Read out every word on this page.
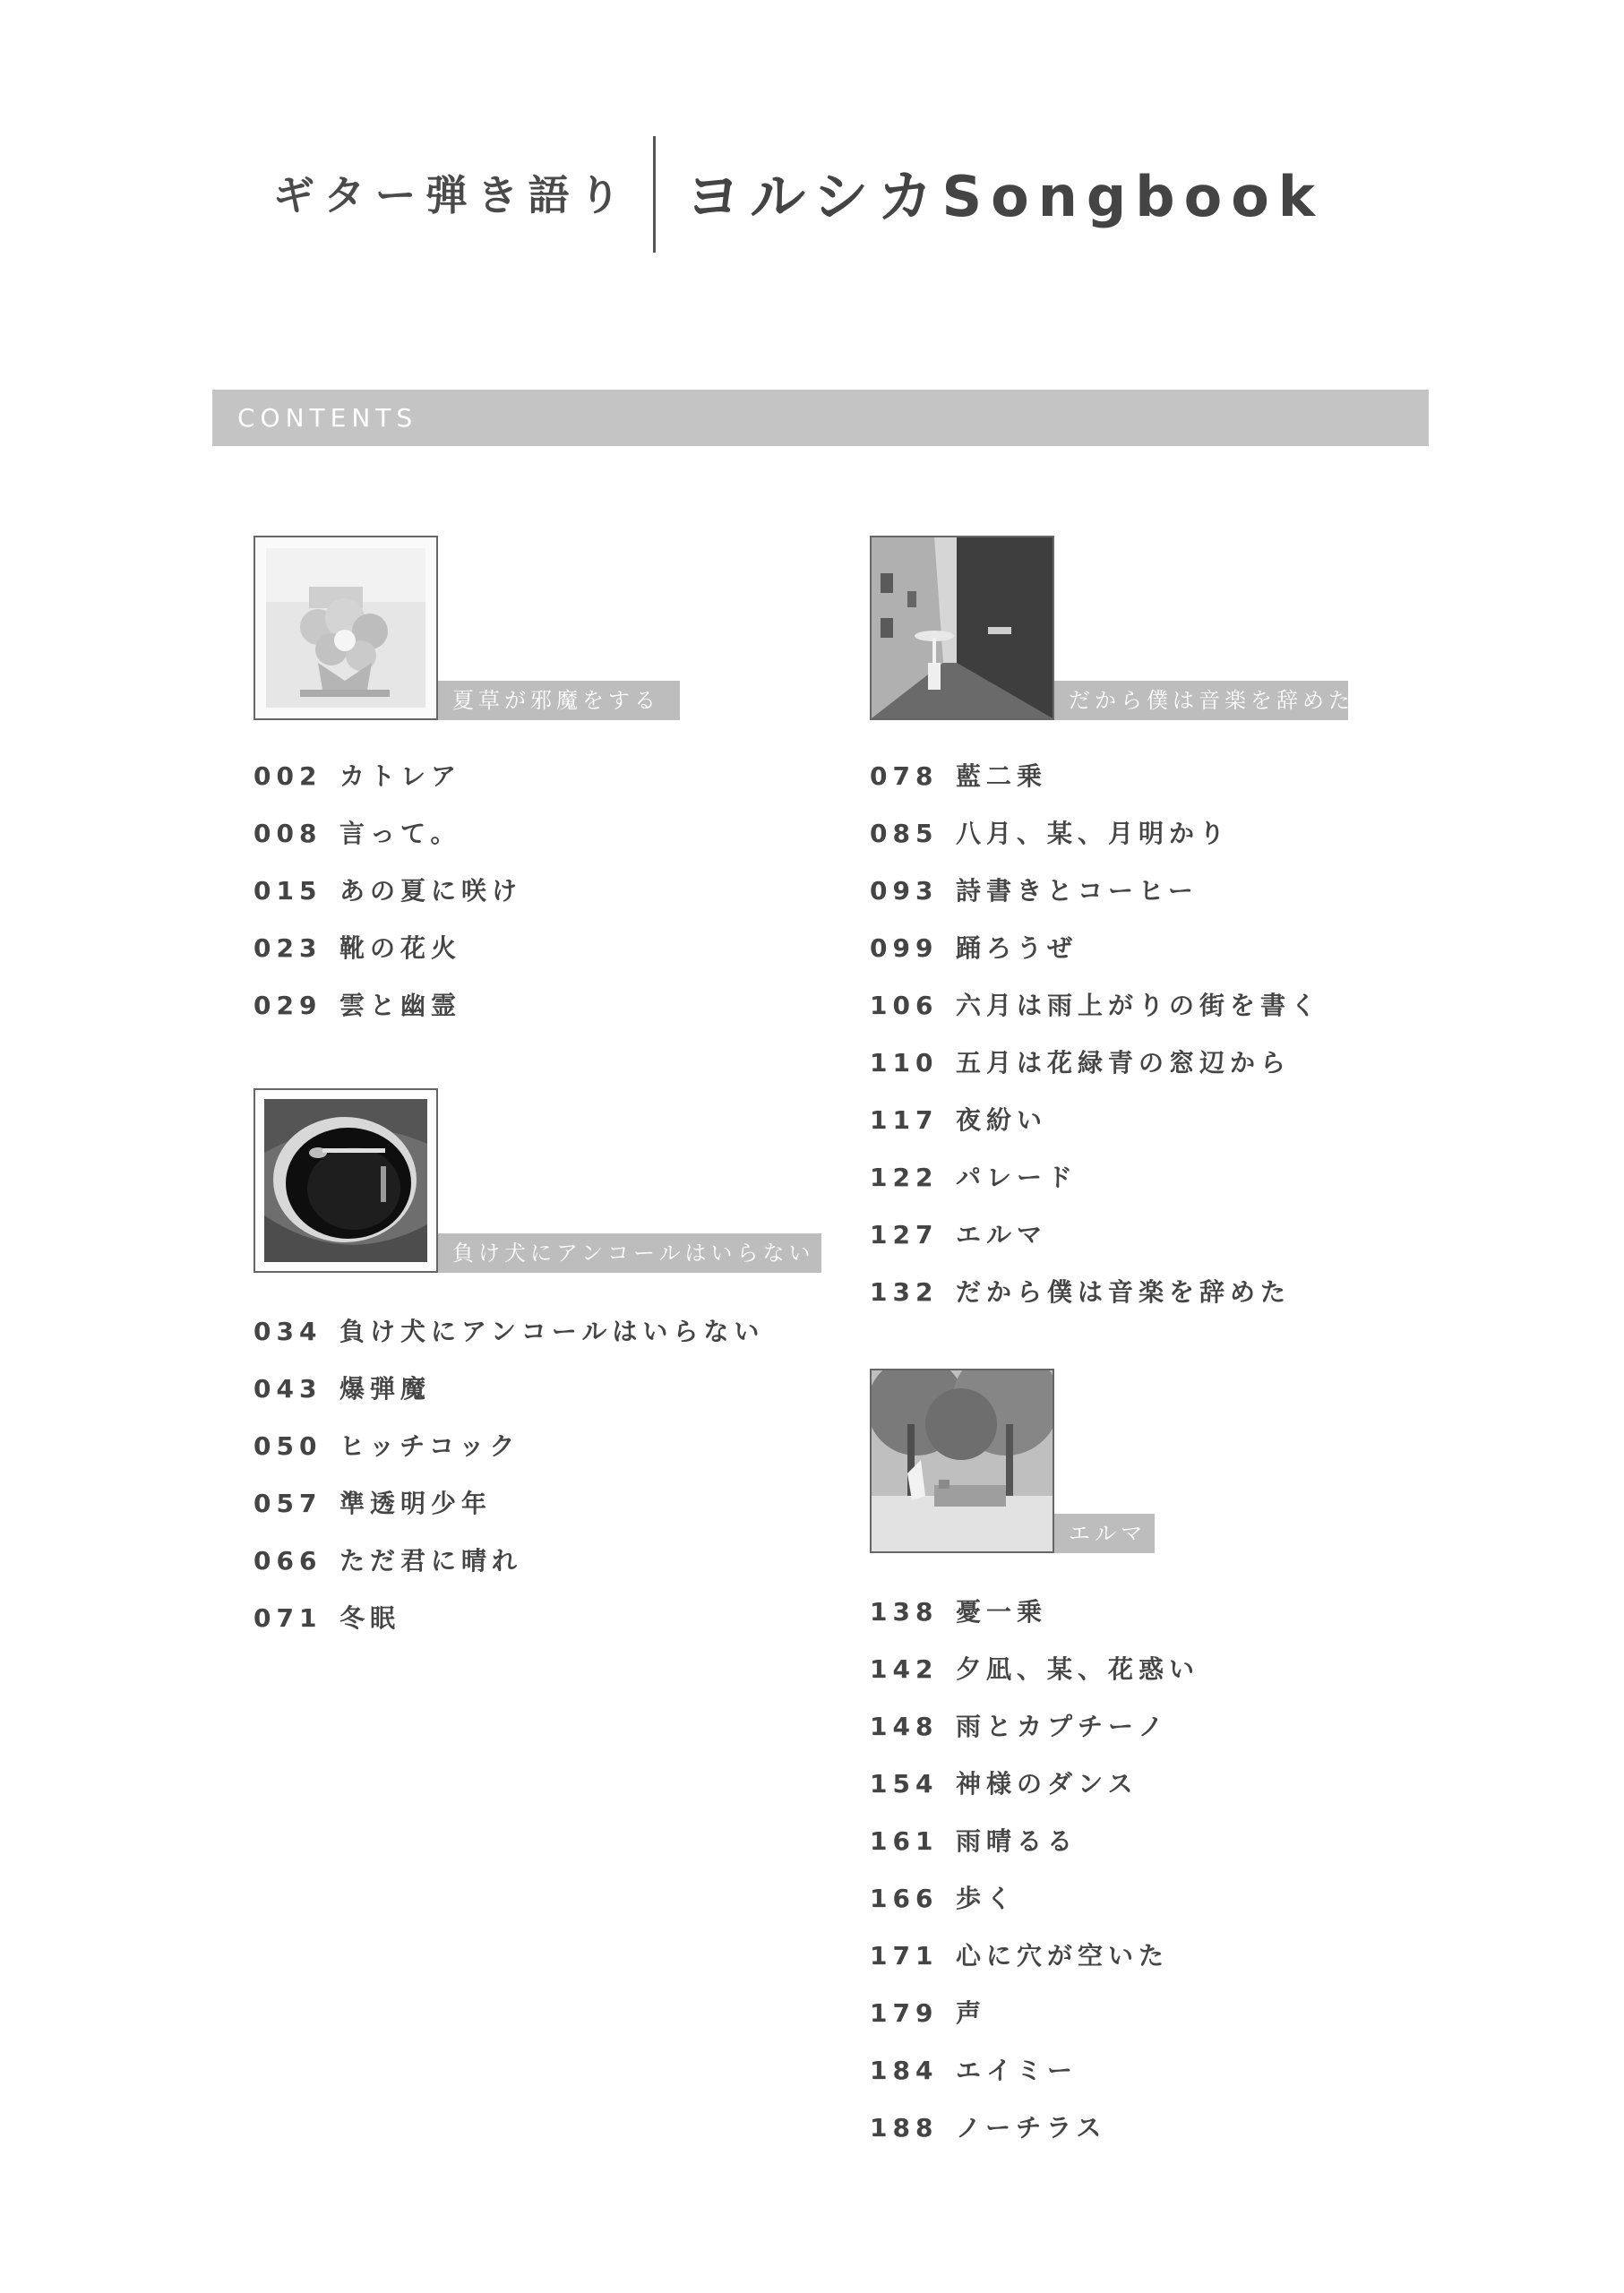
ギター弾き語り ヨルシカSongbook
CONTENTS
夏草が邪魔をする
002 カトレア
008 言って。
015 あの夏に咲け
023 靴の花火
029 雲と幽霊
負け犬にアンコールはいらない
034 負け犬にアンコールはいらない
043 爆弾魔
050 ヒッチコック
057 準透明少年
066 ただ君に晴れ
071 冬眠
だから僕は音楽を辞めた
078 藍二乗
085 八月、某、月明かり
093 詩書きとコーヒー
099 踊ろうぜ
106 六月は雨上がりの街を書く
110 五月は花緑青の窓辺から
117 夜紛い
122 パレード
127 エルマ
132 だから僕は音楽を辞めた
エルマ
138 憂一乗
142 夕凪、某、花惑い
148 雨とカプチーノ
154 神様のダンス
161 雨晴るる
166 歩く
171 心に穴が空いた
179 声
184 エイミー
188 ノーチラス
